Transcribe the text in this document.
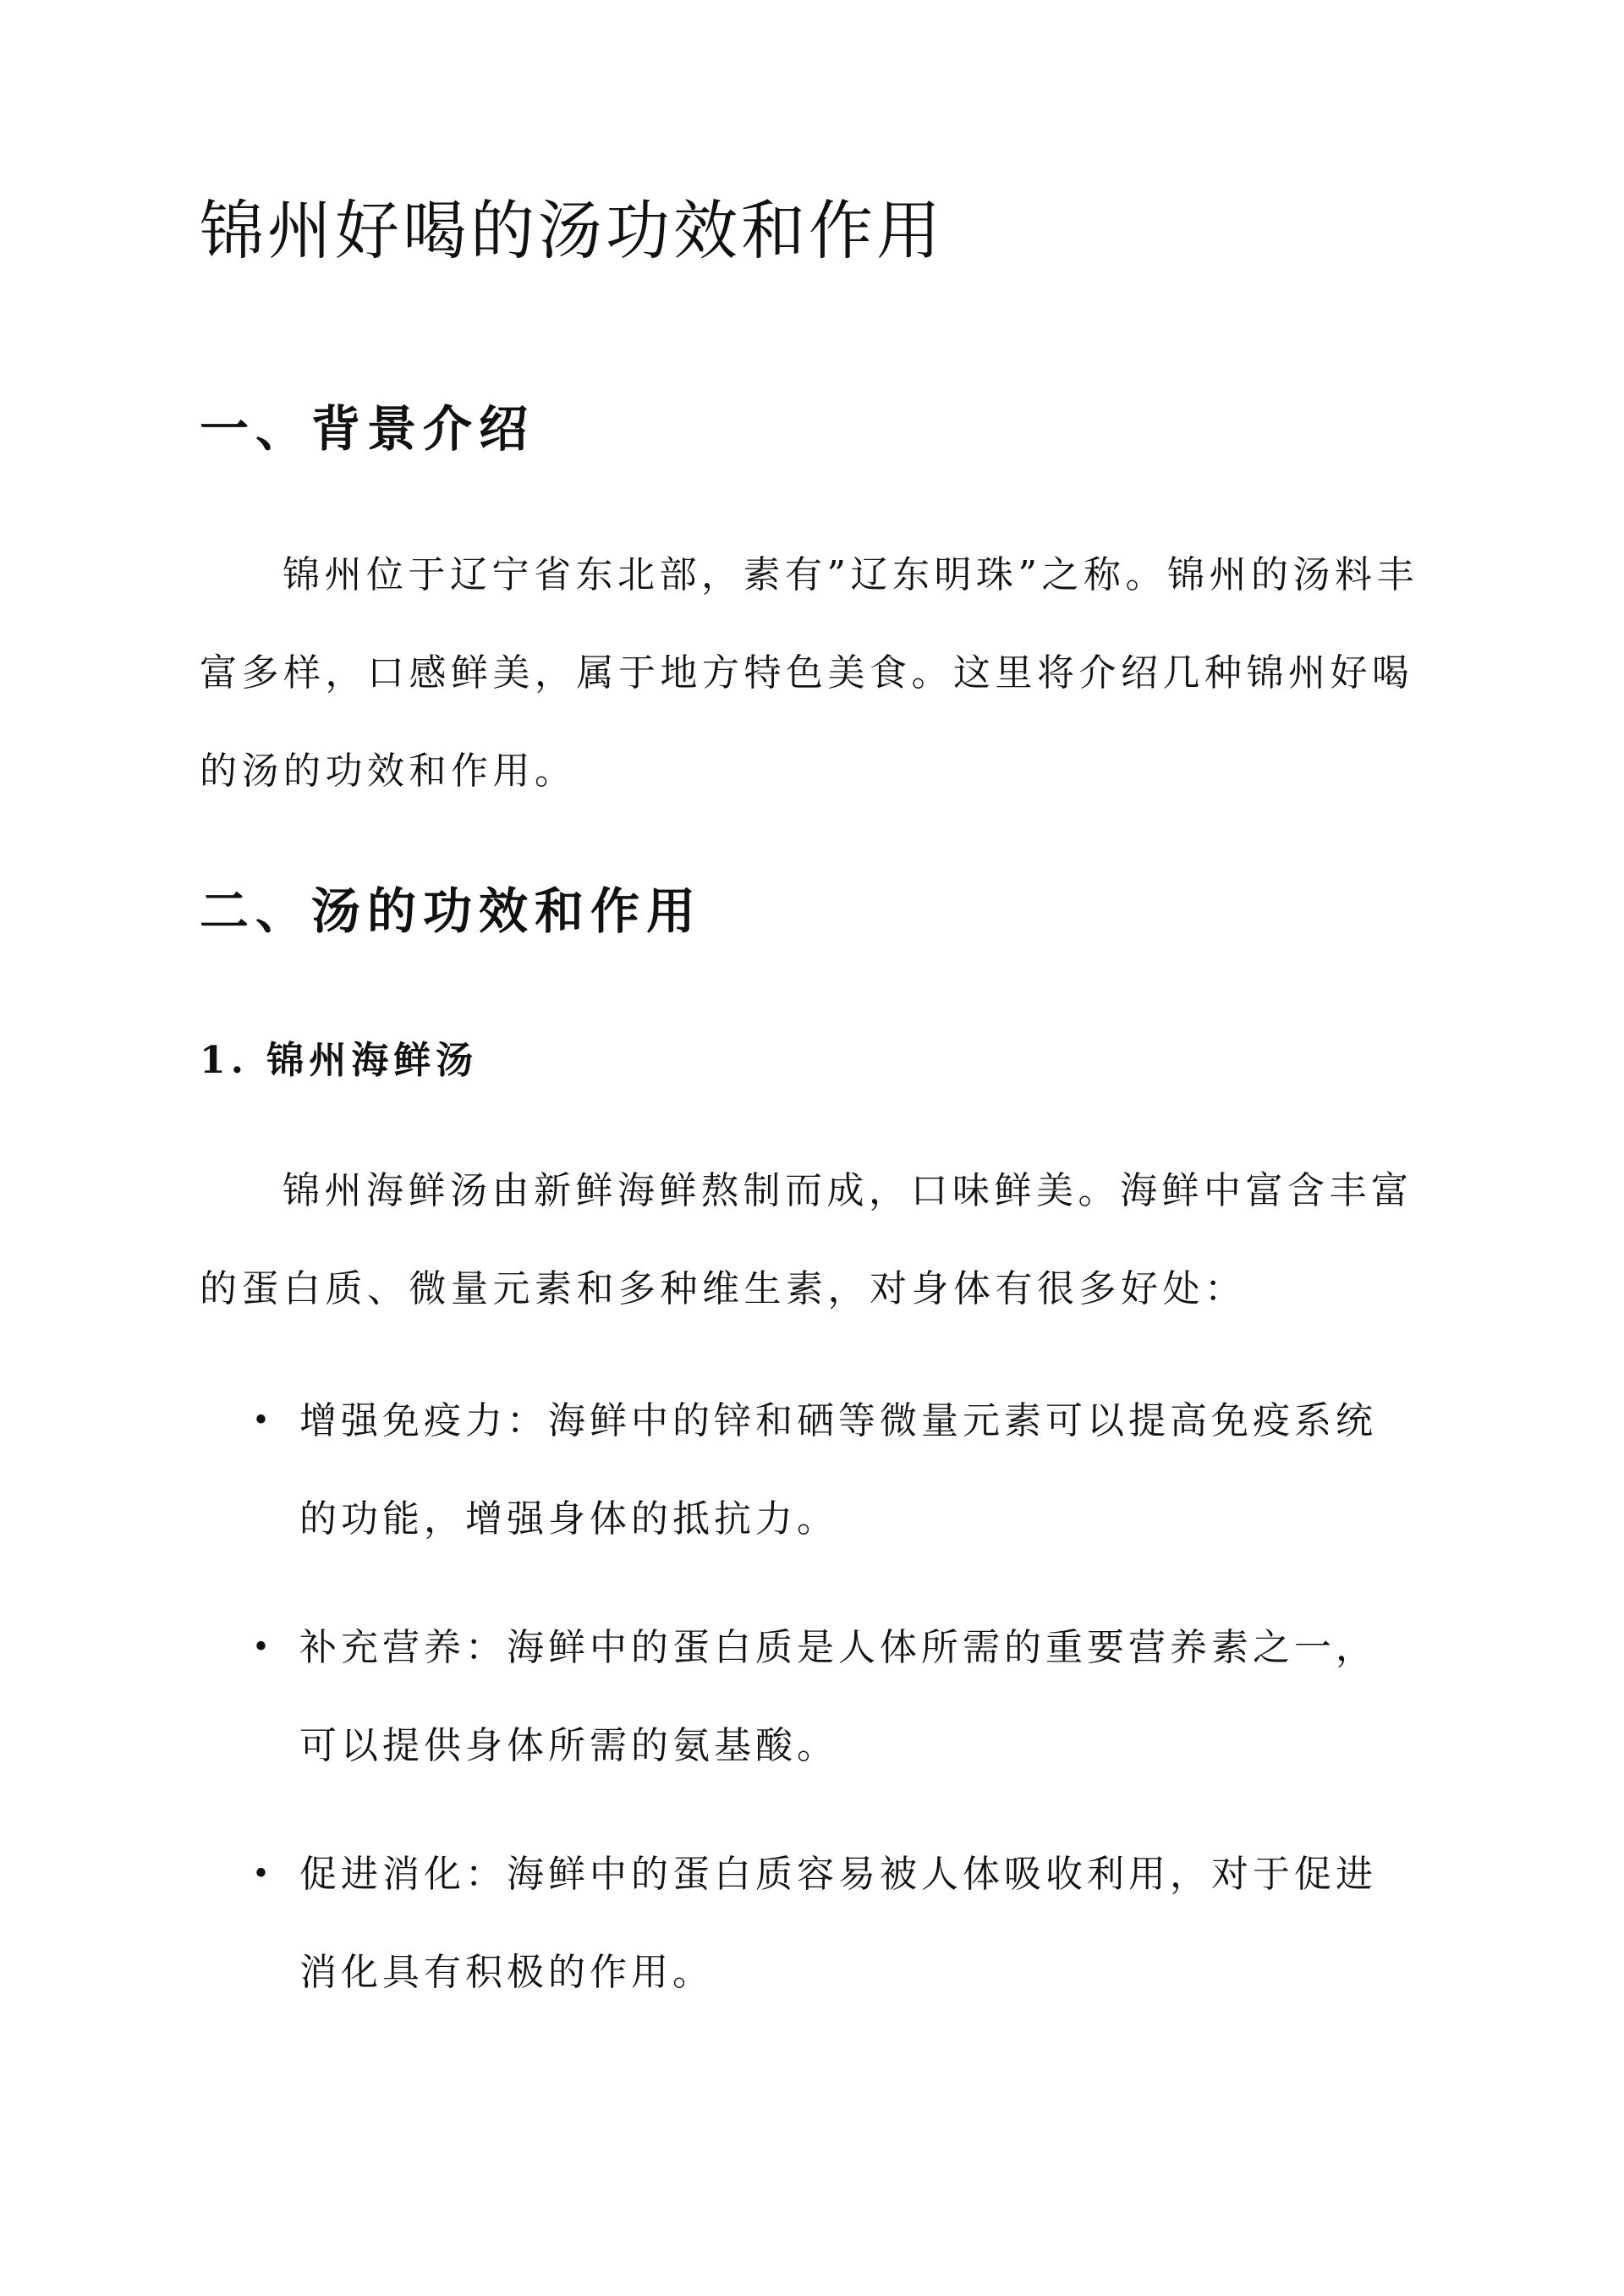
锦州好喝的汤功效和作用
一、背景介绍

锦州位于辽宁省东北部，素有”辽东明珠”之称。锦州的汤料丰富多样，口感鲜美，属于地方特色美食。这里将介绍几种锦州好喝的汤的功效和作用。

二、汤的功效和作用
1. 锦州海鲜汤

锦州海鲜汤由新鲜海鲜熬制而成，口味鲜美。海鲜中富含丰富的蛋白质、微量元素和多种维生素，对身体有很多好处：

• 增强免疫力：海鲜中的锌和硒等微量元素可以提高免疫系统的功能，增强身体的抵抗力。
• 补充营养：海鲜中的蛋白质是人体所需的重要营养素之一，可以提供身体所需的氨基酸。
• 促进消化：海鲜中的蛋白质容易被人体吸收利用，对于促进消化具有积极的作用。
